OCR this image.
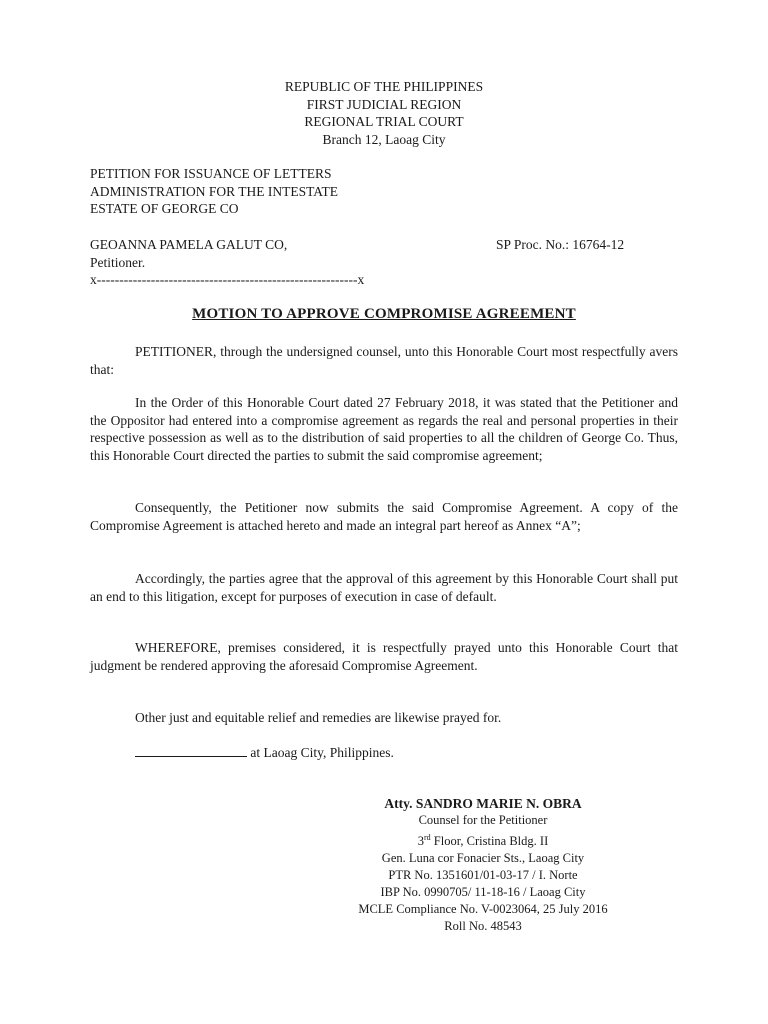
REPUBLIC OF THE PHILIPPINES
FIRST JUDICIAL REGION
REGIONAL TRIAL COURT
Branch 12, Laoag City
PETITION FOR ISSUANCE OF LETTERS
ADMINISTRATION FOR THE INTESTATE
ESTATE OF GEORGE CO
GEOANNA PAMELA GALUT CO,	SP Proc. No.: 16764-12
Petitioner.
x----------------------------------------------------------x
MOTION TO APPROVE COMPROMISE AGREEMENT

PETITIONER, through the undersigned counsel, unto this Honorable Court most respectfully avers that:

In the Order of this Honorable Court dated 27 February 2018, it was stated that the Petitioner and the Oppositor had entered into a compromise agreement as regards the real and personal properties in their respective possession as well as to the distribution of said properties to all the children of George Co. Thus, this Honorable Court directed the parties to submit the said compromise agreement;

Consequently, the Petitioner now submits the said Compromise Agreement. A copy of the Compromise Agreement is attached hereto and made an integral part hereof as Annex “A”;

Accordingly, the parties agree that the approval of this agreement by this Honorable Court shall put an end to this litigation, except for purposes of execution in case of default.

WHEREFORE, premises considered, it is respectfully prayed unto this Honorable Court that judgment be rendered approving the aforesaid Compromise Agreement.

Other just and equitable relief and remedies are likewise prayed for.

at Laoag City, Philippines.

Atty. SANDRO MARIE N. OBRA
Counsel for the Petitioner
3rd Floor, Cristina Bldg. II
Gen. Luna cor Fonacier Sts., Laoag City
PTR No. 1351601/01-03-17 / I. Norte
IBP No. 0990705/ 11-18-16 / Laoag City
MCLE Compliance No. V-0023064, 25 July 2016
Roll No. 48543
